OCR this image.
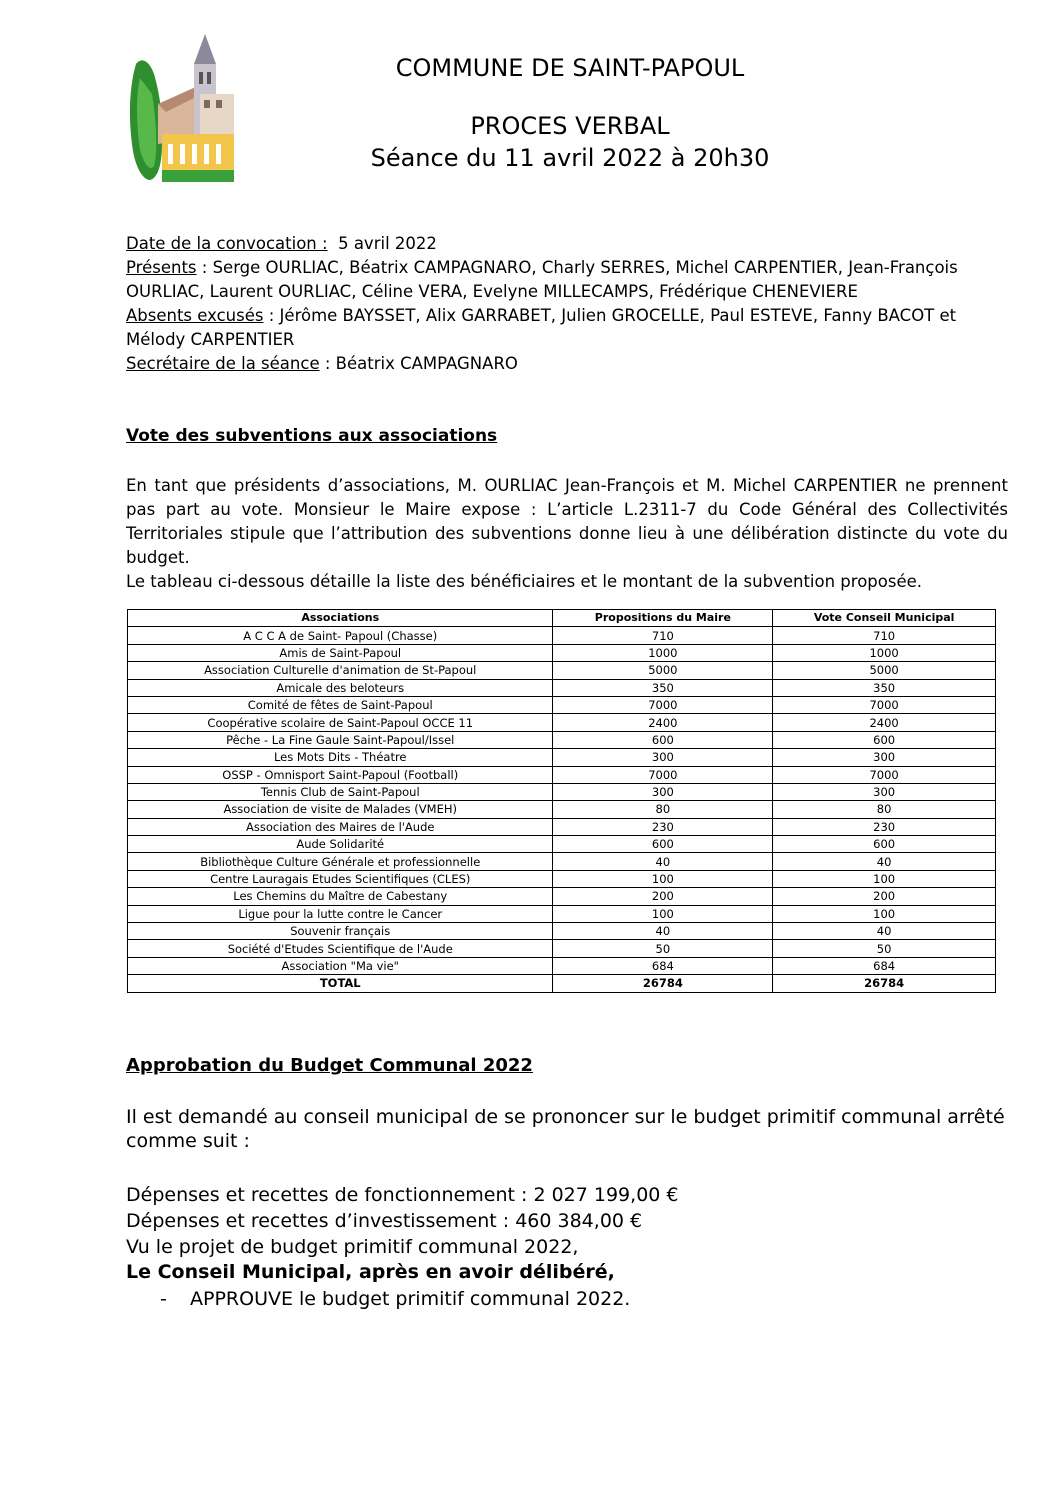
COMMUNE DE SAINT-PAPOUL
PROCES VERBAL
Séance du 11 avril 2022 à 20h30
Date de la convocation : 5 avril 2022
Présents : Serge OURLIAC, Béatrix CAMPAGNARO, Charly SERRES, Michel CARPENTIER, Jean-François OURLIAC, Laurent OURLIAC, Céline VERA, Evelyne MILLECAMPS, Frédérique CHENEVIERE
Absents excusés : Jérôme BAYSSET, Alix GARRABET, Julien GROCELLE, Paul ESTEVE, Fanny BACOT et Mélody CARPENTIER
Secrétaire de la séance : Béatrix CAMPAGNARO
Vote des subventions aux associations
En tant que présidents d’associations, M. OURLIAC Jean-François et M. Michel CARPENTIER ne prennent pas part au vote. Monsieur le Maire expose : L’article L.2311-7 du Code Général des Collectivités Territoriales stipule que l’attribution des subventions donne lieu à une délibération distincte du vote du budget.
Le tableau ci-dessous détaille la liste des bénéficiaires et le montant de la subvention proposée.
Associations	Propositions du Maire	Vote Conseil Municipal
A C C A de Saint- Papoul (Chasse)	710	710
Amis de Saint-Papoul	1000	1000
Association Culturelle d'animation de St-Papoul	5000	5000
Amicale des beloteurs	350	350
Comité de fêtes de Saint-Papoul	7000	7000
Coopérative scolaire de Saint-Papoul OCCE 11	2400	2400
Pêche - La Fine Gaule Saint-Papoul/Issel	600	600
Les Mots Dits - Théatre	300	300
OSSP - Omnisport Saint-Papoul (Football)	7000	7000
Tennis Club de Saint-Papoul	300	300
Association de visite de Malades (VMEH)	80	80
Association des Maires de l'Aude	230	230
Aude Solidarité	600	600
Bibliothèque Culture Générale et professionnelle	40	40
Centre Lauragais Etudes Scientifiques (CLES)	100	100
Les Chemins du Maître de Cabestany	200	200
Ligue pour la lutte contre le Cancer	100	100
Souvenir français	40	40
Société d'Etudes Scientifique de l'Aude	50	50
Association "Ma vie"	684	684
TOTAL	26784	26784
Approbation du Budget Communal 2022
Il est demandé au conseil municipal de se prononcer sur le budget primitif communal arrêté comme suit :
Dépenses et recettes de fonctionnement : 2 027 199,00 €
Dépenses et recettes d’investissement : 460 384,00 €
Vu le projet de budget primitif communal 2022,
Le Conseil Municipal, après en avoir délibéré,
- APPROUVE le budget primitif communal 2022.
